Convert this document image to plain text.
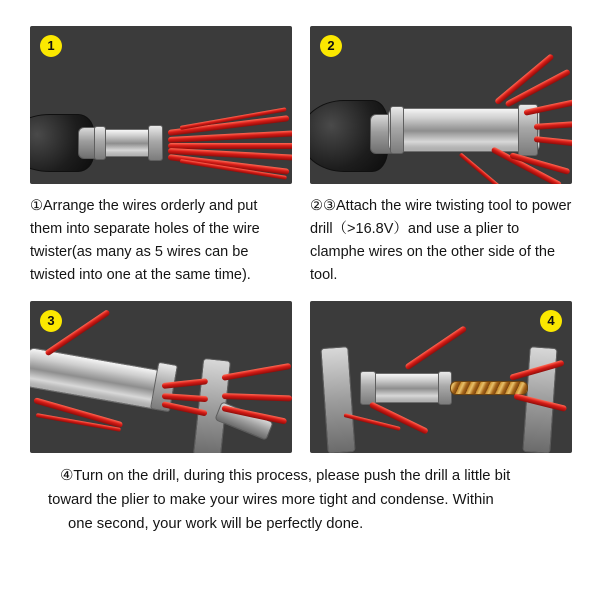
1
①Arrange the wires orderly and put them into separate holes of the wire twister(as many as 5 wires can be twisted into one at the same time).
2
②③Attach the wire twisting tool to power drill（>16.8V）and use a plier to clamphe wires on the other side of the tool.
3	4
④Turn on the drill, during this process, please push the drill a little bit
toward the plier to make your wires more tight and condense. Within
one second, your work will be perfectly done.
